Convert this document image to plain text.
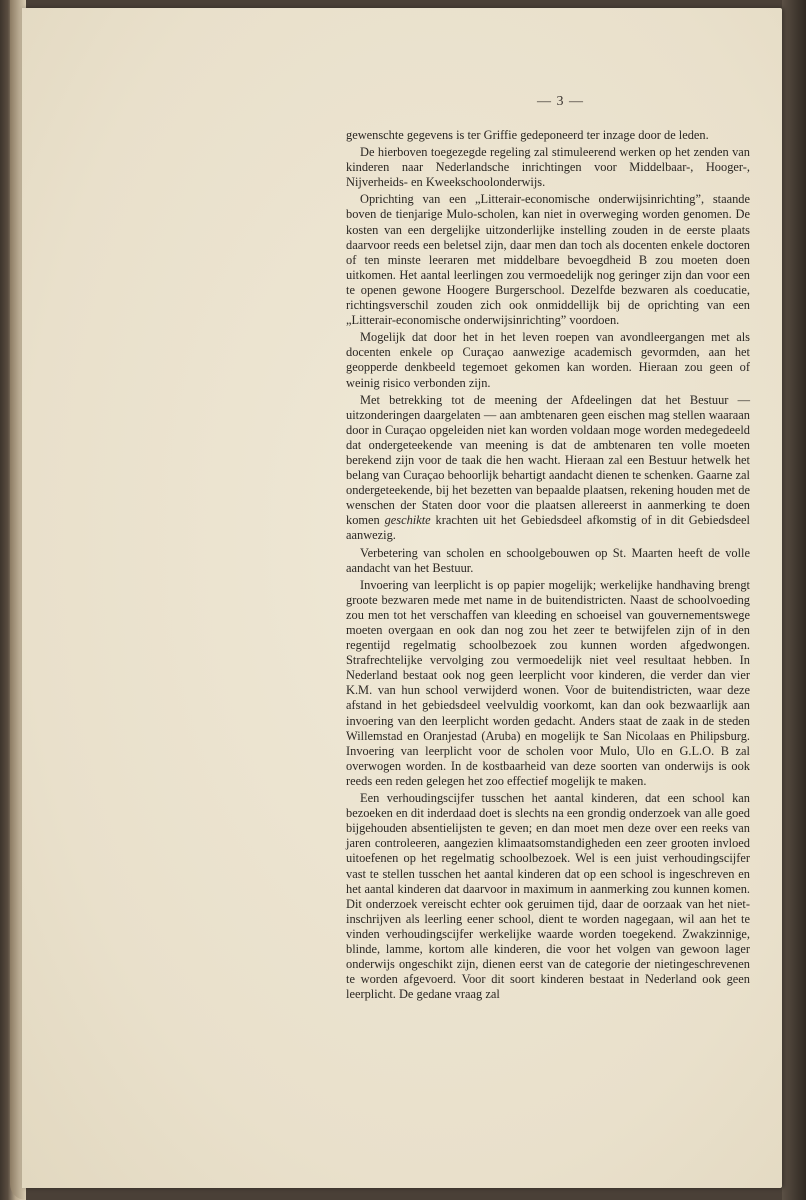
— 3 —

gewenschte gegevens is ter Griffie gedeponeerd ter inzage door de leden.

De hierboven toegezegde regeling zal stimuleerend werken op het zenden van kinderen naar Nederlandsche inrichtingen voor Middelbaar-, Hooger-, Nijverheids- en Kweekschoolonderwijs.

Oprichting van een „Litterair-economische onderwijsinrichting”, staande boven de tienjarige Mulo-scholen, kan niet in overweging worden genomen. De kosten van een dergelijke uitzonderlijke instelling zouden in de eerste plaats daarvoor reeds een beletsel zijn, daar men dan toch als docenten enkele doctoren of ten minste leeraren met middelbare bevoegdheid B zou moeten doen uitkomen. Het aantal leerlingen zou vermoedelijk nog geringer zijn dan voor een te openen gewone Hoogere Burgerschool. Dezelfde bezwaren als coeducatie, richtingsverschil zouden zich ook onmiddellijk bij de oprichting van een „Litterair-economische onderwijsinrichting” voordoen.

Mogelijk dat door het in het leven roepen van avondleergangen met als docenten enkele op Curaçao aanwezige academisch gevormden, aan het geopperde denkbeeld tegemoet gekomen kan worden. Hieraan zou geen of weinig risico verbonden zijn.

Met betrekking tot de meening der Afdeelingen dat het Bestuur — uitzonderingen daargelaten — aan ambtenaren geen eischen mag stellen waaraan door in Curaçao opgeleiden niet kan worden voldaan moge worden medegedeeld dat ondergeteekende van meening is dat de ambtenaren ten volle moeten berekend zijn voor de taak die hen wacht. Hieraan zal een Bestuur hetwelk het belang van Curaçao behoorlijk behartigt aandacht dienen te schenken. Gaarne zal ondergeteekende, bij het bezetten van bepaalde plaatsen, rekening houden met de wenschen der Staten door voor die plaatsen allereerst in aanmerking te doen komen geschikte krachten uit het Gebiedsdeel afkomstig of in dit Gebiedsdeel aanwezig.

Verbetering van scholen en schoolgebouwen op St. Maarten heeft de volle aandacht van het Bestuur.

Invoering van leerplicht is op papier mogelijk; werkelijke handhaving brengt groote bezwaren mede met name in de buitendistricten. Naast de schoolvoeding zou men tot het verschaffen van kleeding en schoeisel van gouvernementswege moeten overgaan en ook dan nog zou het zeer te betwijfelen zijn of in den regentijd regelmatig schoolbezoek zou kunnen worden afgedwongen. Strafrechtelijke vervolging zou vermoedelijk niet veel resultaat hebben. In Nederland bestaat ook nog geen leerplicht voor kinderen, die verder dan vier K.M. van hun school verwijderd wonen. Voor de buitendistricten, waar deze afstand in het gebiedsdeel veelvuldig voorkomt, kan dan ook bezwaarlijk aan invoering van den leerplicht worden gedacht. Anders staat de zaak in de steden Willemstad en Oranjestad (Aruba) en mogelijk te San Nicolaas en Philipsburg. Invoering van leerplicht voor de scholen voor Mulo, Ulo en G.L.O. B zal overwogen worden. In de kostbaarheid van deze soorten van onderwijs is ook reeds een reden gelegen het zoo effectief mogelijk te maken.

Een verhoudingscijfer tusschen het aantal kinderen, dat een school kan bezoeken en dit inderdaad doet is slechts na een grondig onderzoek van alle goed bijgehouden absentielijsten te geven; en dan moet men deze over een reeks van jaren controleeren, aangezien klimaatsomstandigheden een zeer grooten invloed uitoefenen op het regelmatig schoolbezoek. Wel is een juist verhoudingscijfer vast te stellen tusschen het aantal kinderen dat op een school is ingeschreven en het aantal kinderen dat daarvoor in maximum in aanmerking zou kunnen komen. Dit onderzoek vereischt echter ook geruimen tijd, daar de oorzaak van het niet-inschrijven als leerling eener school, dient te worden nagegaan, wil aan het te vinden verhoudingscijfer werkelijke waarde worden toegekend. Zwakzinnige, blinde, lamme, kortom alle kinderen, die voor het volgen van gewoon lager onderwijs ongeschikt zijn, dienen eerst van de categorie der nietingeschrevenen te worden afgevoerd. Voor dit soort kinderen bestaat in Nederland ook geen leerplicht. De gedane vraag zal
